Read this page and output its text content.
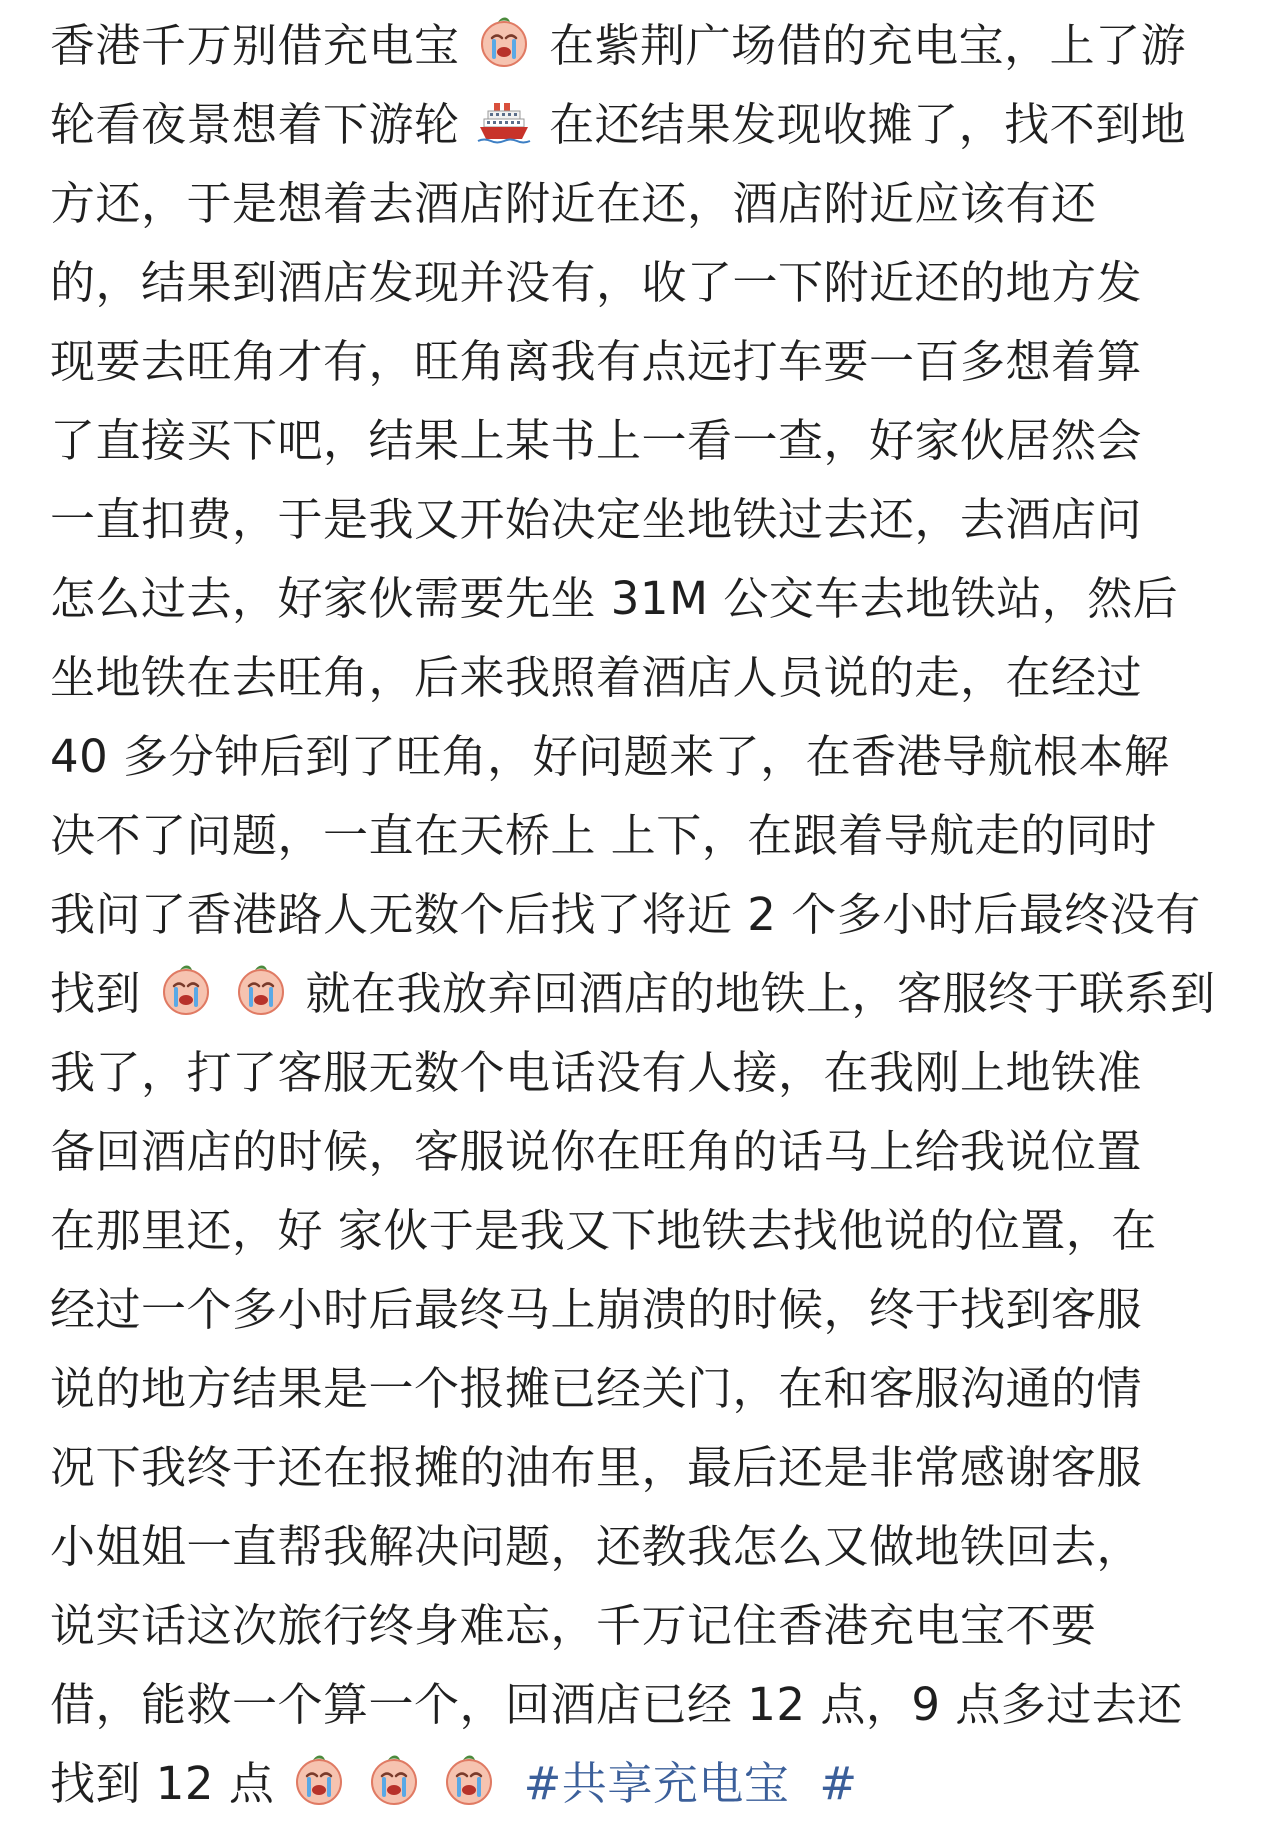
香港千万别借充电宝 在紫荆广场借的充电宝，上了游
轮看夜景想着下游轮 在还结果发现收摊了，找不到地
方还，于是想着去酒店附近在还，酒店附近应该有还
的，结果到酒店发现并没有，收了一下附近还的地方发
现要去旺角才有，旺角离我有点远打车要一百多想着算
了直接买下吧，结果上某书上一看一查，好家伙居然会
一直扣费，于是我又开始决定坐地铁过去还，去酒店问
怎么过去，好家伙需要先坐 31M 公交车去地铁站，然后
坐地铁在去旺角，后来我照着酒店人员说的走，在经过
40 多分钟后到了旺角，好问题来了，在香港导航根本解
决不了问题，一直在天桥上 上下，在跟着导航走的同时
我问了香港路人无数个后找了将近 2 个多小时后最终没有
找到
	就在我放弃回酒店的地铁上，客服终于联系到
我了，打了客服无数个电话没有人接，在我刚上地铁准
备回酒店的时候，客服说你在旺角的话马上给我说位置
在那里还，好 家伙于是我又下地铁去找他说的位置，在
经过一个多小时后最终马上崩溃的时候，终于找到客服
说的地方结果是一个报摊已经关门，在和客服沟通的情
况下我终于还在报摊的油布里，最后还是非常感谢客服
小姐姐一直帮我解决问题，还教我怎么又做地铁回去，
说实话这次旅行终身难忘，千万记住香港充电宝不要
借，能救一个算一个，回酒店已经 12 点，9 点多过去还
找到 12 点

	#共享充电宝 #
